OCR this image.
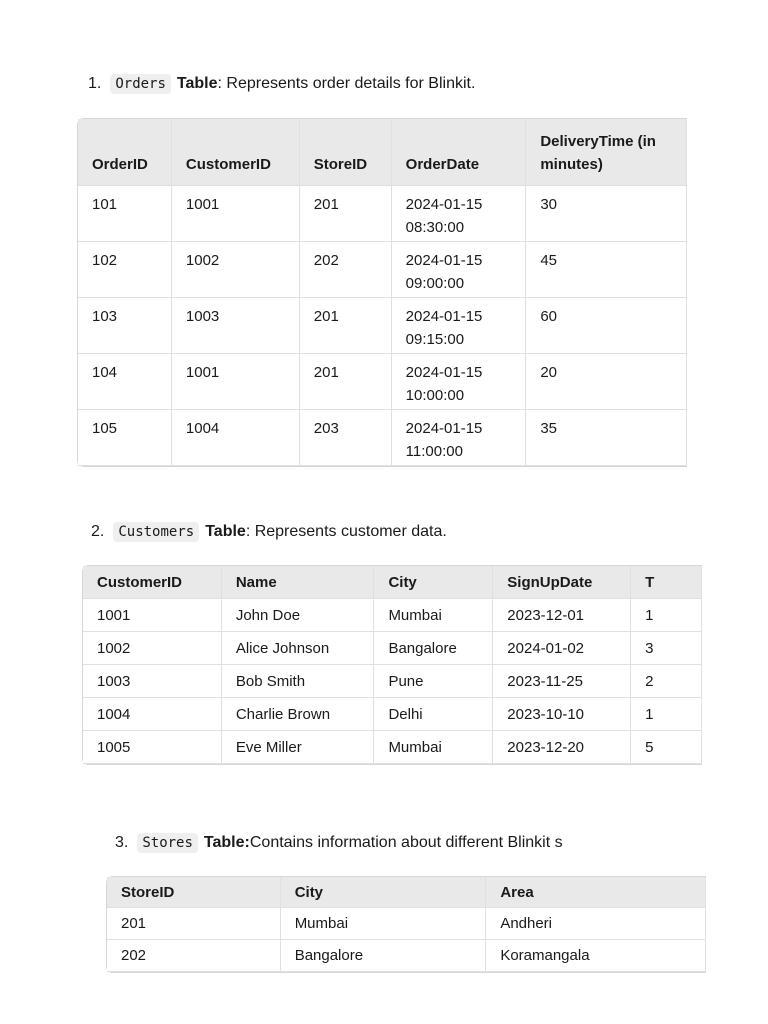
1.	Orders Table : Represents order details for Blinkit.
OrderID	CustomerID	StoreID	OrderDate	DeliveryTime (in minutes)
101	1001	201	2024-01-15 08:30:00	30
102	1002	202	2024-01-15 09:00:00	45
103	1003	201	2024-01-15 09:15:00	60
104	1001	201	2024-01-15 10:00:00	20
105	1004	203	2024-01-15 11:00:00	35
2.	Customers Table : Represents customer data.
CustomerID	Name	City	SignUpDate	T
1001	John Doe	Mumbai	2023-12-01	1
1002	Alice Johnson	Bangalore	2024-01-02	3
1003	Bob Smith	Pune	2023-11-25	2
1004	Charlie Brown	Delhi	2023-10-10	1
1005	Eve Miller	Mumbai	2023-12-20	5
3.	Stores Table: Contains information about different Blinkit s
StoreID	City	Area
201	Mumbai	Andheri
202	Bangalore	Koramangala
